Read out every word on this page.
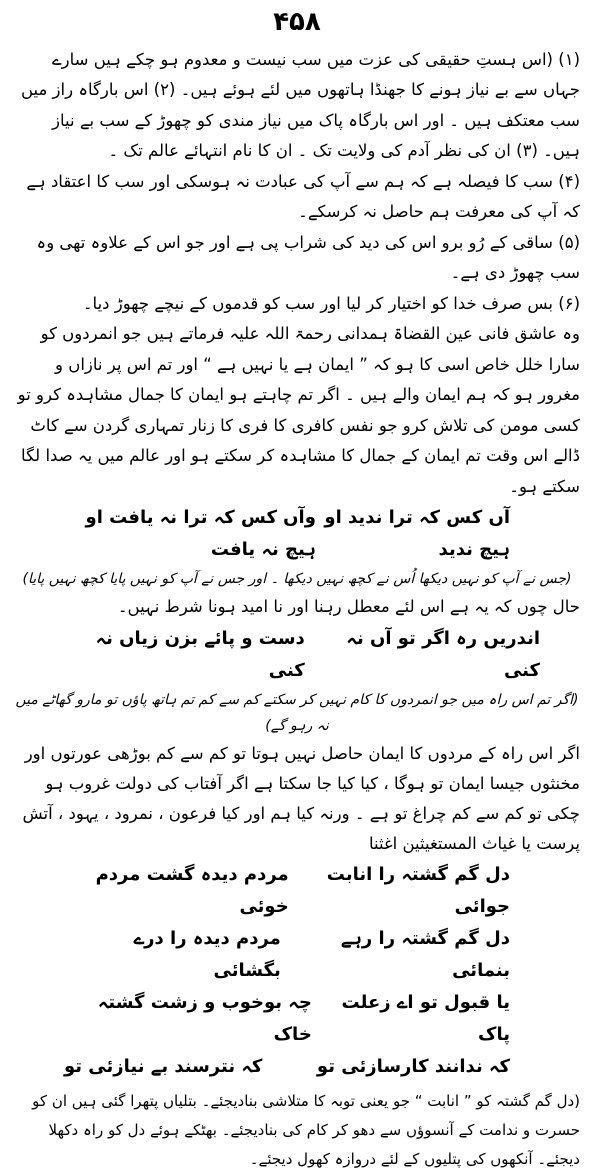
۴۵۸

(۱) (اس ہستِ حقیقی کی عزت میں سب نیست و معدوم ہو چکے ہیں سارے جہاں سے بے نیاز ہونے کا جھنڈا ہاتھوں میں لئے ہوئے ہیں۔ (۲) اس بارگاہ راز میں سب معتکف ہیں ۔ اور اس بارگاہ پاک میں نیاز مندی کو چھوڑ کے سب بے نیاز ہیں۔ (۳) ان کی نظر آدم کی ولایت تک ۔ ان کا نام انتہائے عالم تک ۔

(۴) سب کا فیصلہ ہے کہ ہم سے آپ کی عبادت نہ ہوسکی اور سب کا اعتقاد ہے کہ آپ کی معرفت ہم حاصل نہ کرسکے۔

(۵) ساقی کے رُو برو اس کی دید کی شراب پی ہے اور جو اس کے علاوہ تھی وہ سب چھوڑ دی ہے۔

(۶) بس صرف خدا کو اختیار کر لیا اور سب کو قدموں کے نیچے چھوڑ دیا۔

وہ عاشق فانی عین القضاۃ ہمدانی رحمۃ اللہ علیہ فرماتے ہیں جو انمردوں کو سارا خلل خاص اسی کا ہو کہ ” ایمان ہے یا نہیں ہے “ اور تم اس پر نازاں و مغرور ہو کہ ہم ایمان والے ہیں ۔ اگر تم چاہتے ہو ایمان کا جمال مشاہدہ کرو تو کسی مومن کی تلاش کرو جو نفس کافری کا فری کا زنار تمہاری گردن سے کاٹ ڈالے اس وقت تم ایمان کے جمال کا مشاہدہ کر سکتے ہو اور عالم میں یہ صدا لگا سکتے ہو۔

آں کس کہ ترا ندید او ہیچ ندید
وآں کس کہ ترا نہ یافت او ہیچ نہ یافت

(جس نے آپ کو نہیں دیکھا اُس نے کچھ نہیں دیکھا ۔ اور جس نے آپ کو نہیں پایا کچھ نہیں پایا)

حال چوں کہ یہ ہے اس لئے معطل رہنا اور نا امید ہونا شرط نہیں۔

اندریں رہ اگر تو آں نہ کنی
دست و پائے بزن زیاں نہ کنی

(اگر تم اس راہ میں جو انمردوں کا کام نہیں کر سکتے کم سے کم تم ہاتھ پاؤں تو مارو گھاٹے میں نہ رہو گے)

اگر اس راہ کے مردوں کا ایمان حاصل نہیں ہوتا تو کم سے کم بوڑھی عورتوں اور مخنثوں جیسا ایمان تو ہوگا ، کیا کیا جا سکتا ہے اگر آفتاب کی دولت غروب ہو چکی تو کم سے کم چراغ تو ہے ۔ ورنہ کیا ہم اور کیا فرعون ، نمرود ، یہود ، آتش پرست یا غیاث المستغیثین اغثنا

دل گم گشتہ را انابت جوائی
مردم دیدہ گشت مردم خوئی
دل گم گشتہ را رہے بنمائی
مردم دیدہ را درے بگشائی
یا قبول تو اے زعلت پاک
چہ بوخوب و زشت گشتہ خاک
کہ ندانند کارسازئی تو
کہ نترسند بے نیازئی تو

(دل گم گشتہ کو ” انابت “ جو یعنی توبہ کا متلاشی بنادیجئے۔ بتلیاں پتھرا گئی ہیں ان کو حسرت و ندامت کے آنسوؤں سے دھو کر کام کی بنادیجئے۔ بھٹکے ہوئے دل کو راہ دکھلا دیجئے۔ آنکھوں کی پتلیوں کے لئے دروازہ کھول دیجئے۔
